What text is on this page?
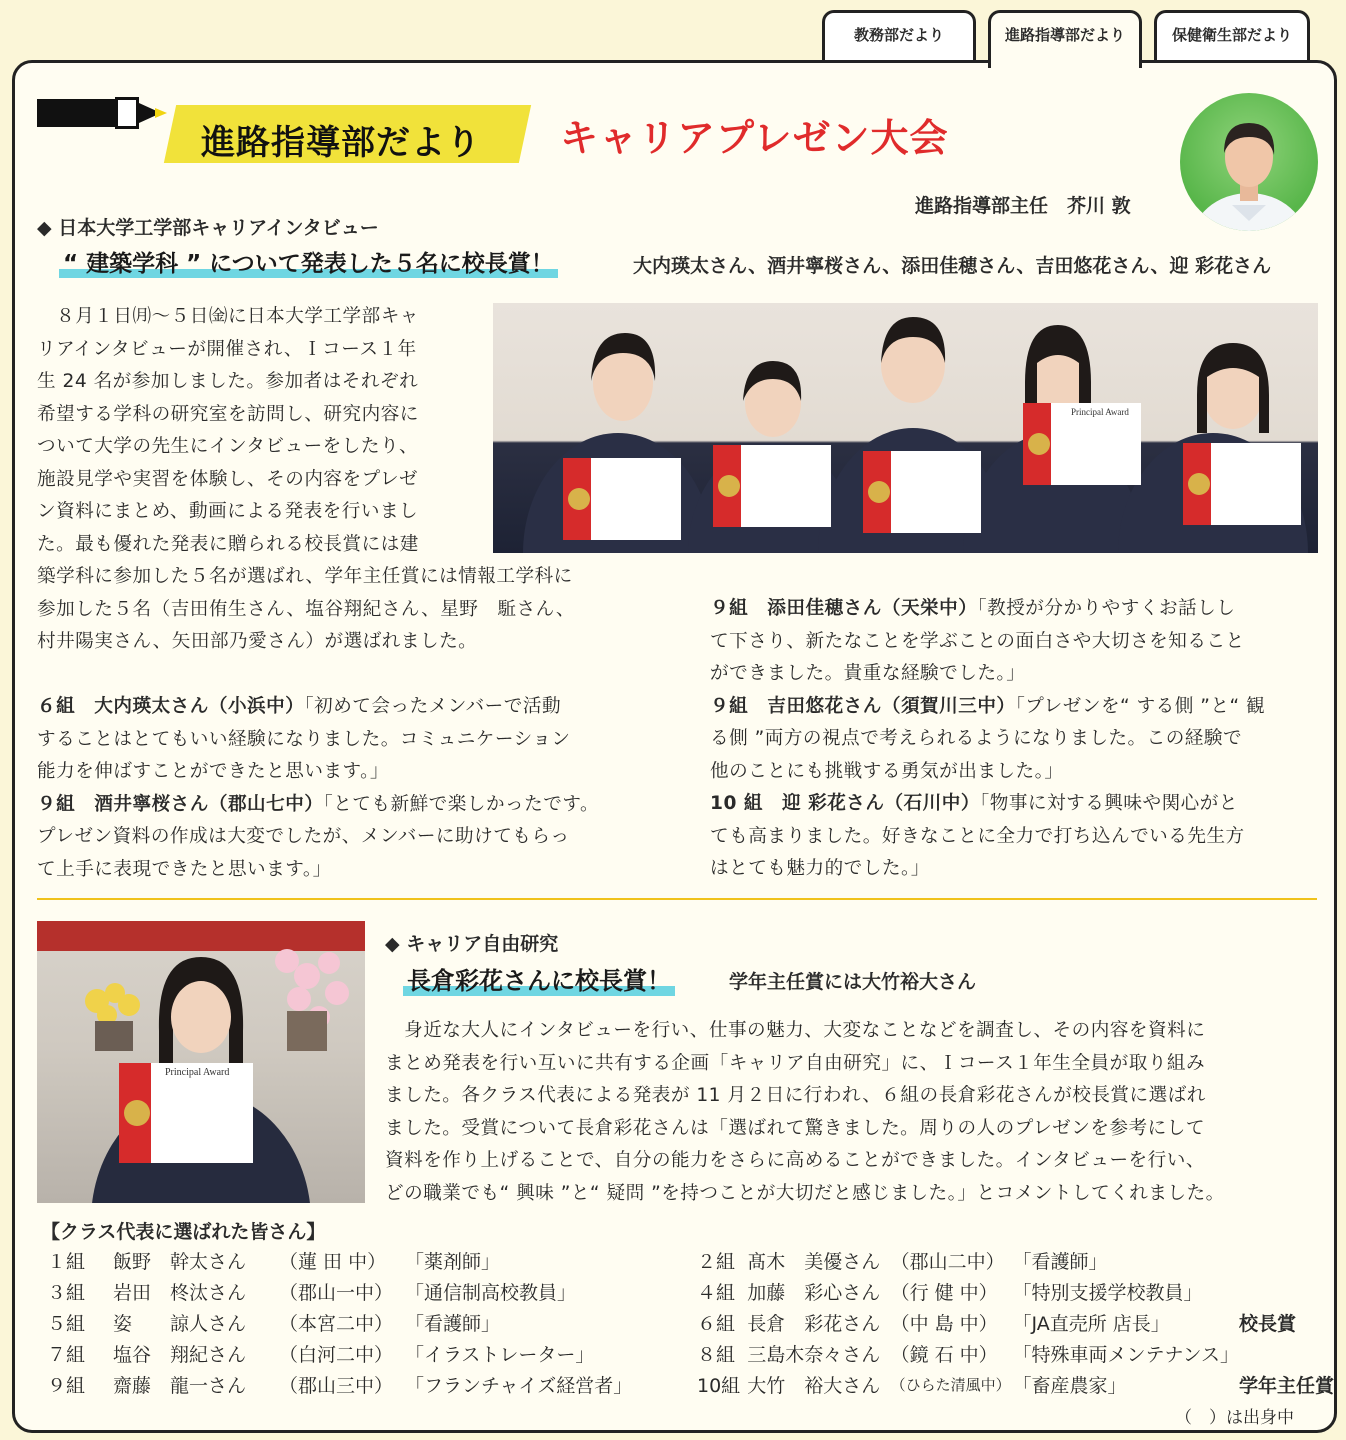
教務部だより	進路指導部だより	保健衛生部だより
進路指導部だより キャリアプレゼン大会
進路指導部主任　芥川 敦
◆ 日本大学工学部キャリアインタビュー
“ 建築学科 ” について発表した５名に校長賞！	大内瑛太さん、酒井寧桜さん、添田佳穂さん、吉田悠花さん、迎 彩花さん

　８月１日㈪～５日㈮に日本大学工学部キャ

リアインタビューが開催され、Ｉコース１年

生 24 名が参加しました。参加者はそれぞれ

希望する学科の研究室を訪問し、研究内容に

ついて大学の先生にインタビューをしたり、

施設見学や実習を体験し、その内容をプレゼ

ン資料にまとめ、動画による発表を行いまし

た。最も優れた発表に贈られる校長賞には建

Principal Award

築学科に参加した５名が選ばれ、学年主任賞には情報工学科に

参加した５名（吉田侑生さん、塩谷翔紀さん、星野　駈さん、

村井陽実さん、矢田部乃愛さん）が選ばれました。

６組　大内瑛太さん（小浜中）「初めて会ったメンバーで活動

することはとてもいい経験になりました。コミュニケーション

能力を伸ばすことができたと思います。」

９組　酒井寧桜さん（郡山七中）「とても新鮮で楽しかったです。

プレゼン資料の作成は大変でしたが、メンバーに助けてもらっ

て上手に表現できたと思います。」

９組　添田佳穂さん（天栄中）「教授が分かりやすくお話しし

て下さり、新たなことを学ぶことの面白さや大切さを知ること

ができました。貴重な経験でした。」

９組　吉田悠花さん（須賀川三中）「プレゼンを“ する側 ”と“ 観

る側 ”両方の視点で考えられるようになりました。この経験で

他のことにも挑戦する勇気が出ました。」

10 組　迎 彩花さん（石川中）「物事に対する興味や関心がと

ても高まりました。好きなことに全力で打ち込んでいる先生方

はとても魅力的でした。」

Principal Award
◆ キャリア自由研究
長倉彩花さんに校長賞！	学年主任賞には大竹裕大さん

　身近な大人にインタビューを行い、仕事の魅力、大変なことなどを調査し、その内容を資料に

まとめ発表を行い互いに共有する企画「キャリア自由研究」に、Ｉコース１年生全員が取り組み

ました。各クラス代表による発表が 11 月２日に行われ、６組の長倉彩花さんが校長賞に選ばれ

ました。受賞について長倉彩花さんは「選ばれて驚きました。周りの人のプレゼンを参考にして

資料を作り上げることで、自分の能力をさらに高めることができました。インタビューを行い、

どの職業でも“ 興味 ”と“ 疑問 ”を持つことが大切だと感じました。」とコメントしてくれました。

【クラス代表に選ばれた皆さん】
１組	飯野　幹太さん	（蓮 田 中）	「薬剤師」
３組	岩田　柊汰さん	（郡山一中）	「通信制高校教員」
５組	姿　　諒人さん	（本宮二中）	「看護師」
７組	塩谷　翔紀さん	（白河二中）	「イラストレーター」
９組	齋藤　龍一さん	（郡山三中）	「フランチャイズ経営者」
２組	髙木　美優さん	（郡山二中）	「看護師」	
４組	加藤　彩心さん	（行 健 中）	「特別支援学校教員」	
６組	長倉　彩花さん	（中 島 中）	「JA直売所 店長」	校長賞
８組	三島木奈々さん	（鏡 石 中）	「特殊車両メンテナンス」	
10組	大竹　裕大さん	（ひらた清風中）	「畜産農家」	学年主任賞
（　）は出身中
